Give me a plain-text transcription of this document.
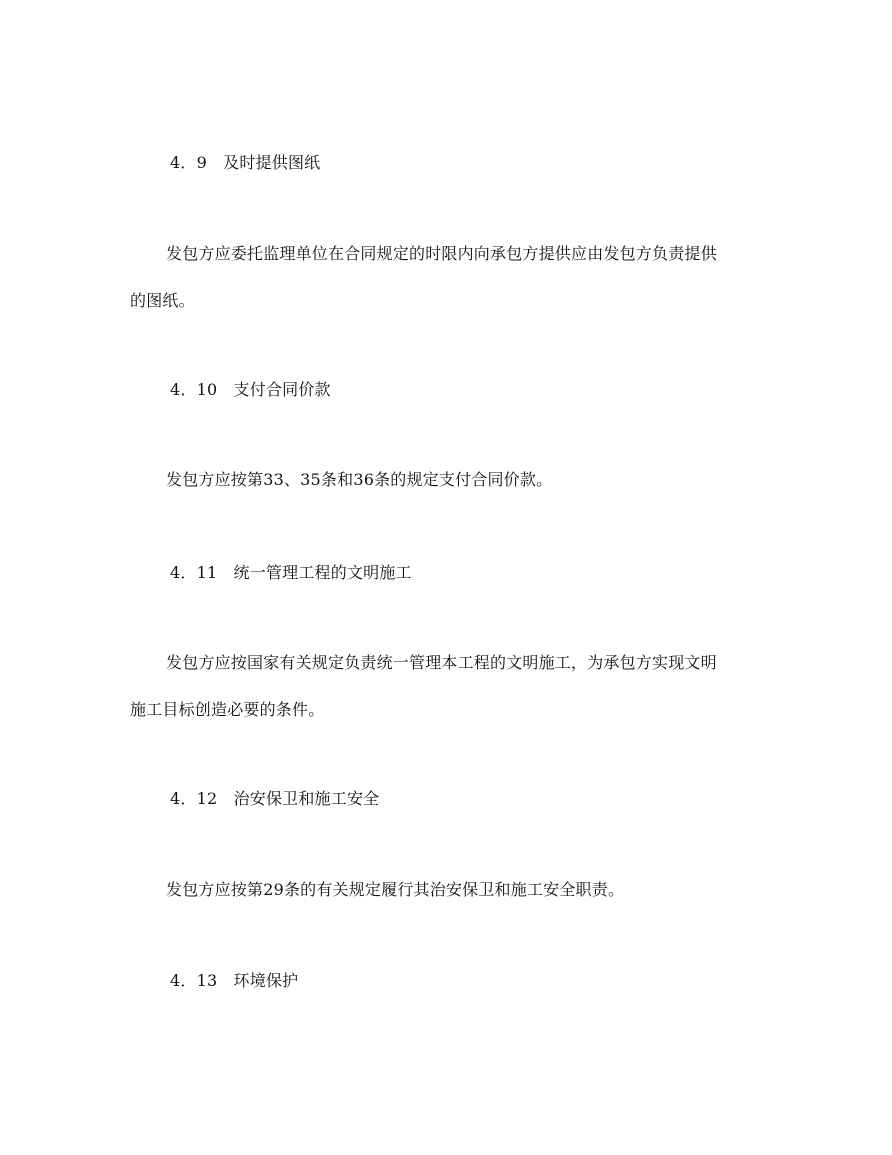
4．9　及时提供图纸
发包方应委托监理单位在合同规定的时限内向承包方提供应由发包方负责提供
的图纸。
4．10　支付合同价款
发包方应按第33、35条和36条的规定支付合同价款。
4．11　统一管理工程的文明施工
发包方应按国家有关规定负责统一管理本工程的文明施工，为承包方实现文明
施工目标创造必要的条件。
4．12　治安保卫和施工安全
发包方应按第29条的有关规定履行其治安保卫和施工安全职责。
4．13　环境保护
